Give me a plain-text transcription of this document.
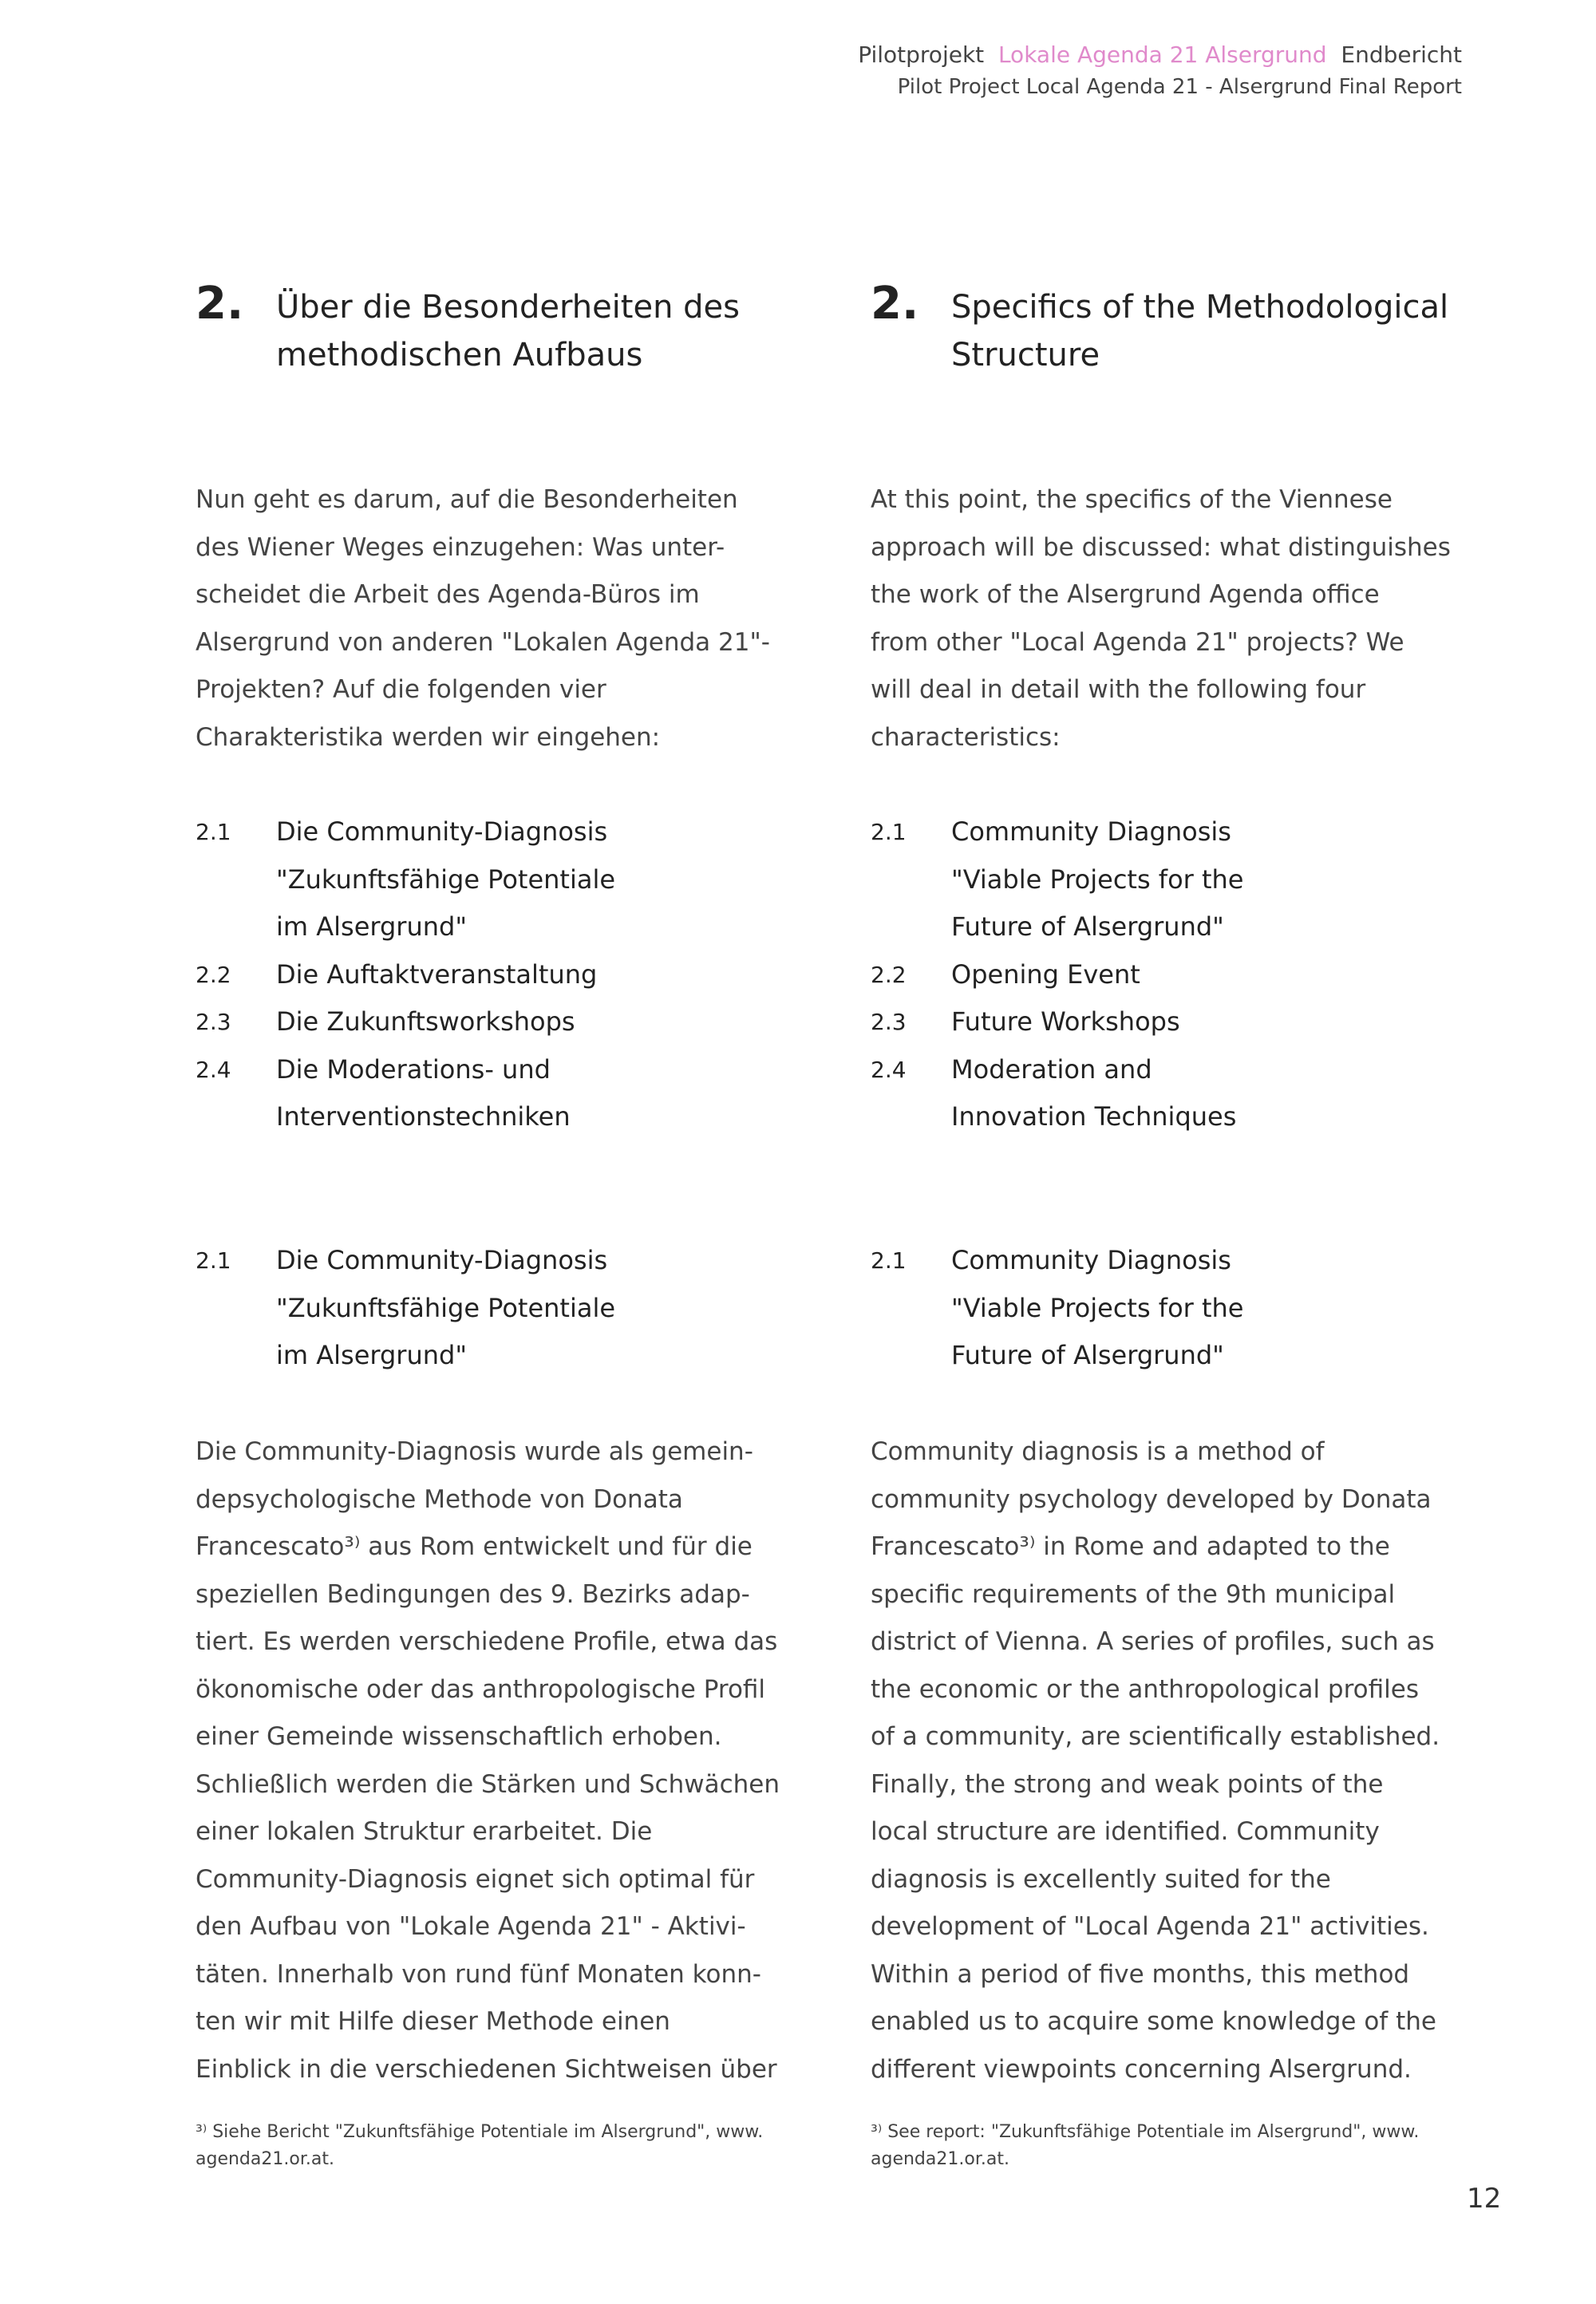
Pilotprojekt Lokale Agenda 21 Alsergrund Endbericht
Pilot Project Local Agenda 21 - Alsergrund Final Report
2. Über die Besonderheiten des
methodischen Aufbaus
Nun geht es darum, auf die Besonderheiten
des Wiener Weges einzugehen: Was unter-
scheidet die Arbeit des Agenda-Büros im
Alsergrund von anderen "Lokalen Agenda 21"-
Projekten? Auf die folgenden vier
Charakteristika werden wir eingehen:
2.1 Die Community-Diagnosis
"Zukunftsfähige Potentiale
im Alsergrund"
2.2 Die Auftaktveranstaltung
2.3 Die Zukunftsworkshops
2.4 Die Moderations- und
Interventionstechniken
2.1 Die Community-Diagnosis
"Zukunftsfähige Potentiale
im Alsergrund"
Die Community-Diagnosis wurde als gemein-
depsychologische Methode von Donata
Francescato³⁾ aus Rom entwickelt und für die
speziellen Bedingungen des 9. Bezirks adap-
tiert. Es werden verschiedene Profile, etwa das
ökonomische oder das anthropologische Profil
einer Gemeinde wissenschaftlich erhoben.
Schließlich werden die Stärken und Schwächen
einer lokalen Struktur erarbeitet. Die
Community-Diagnosis eignet sich optimal für
den Aufbau von "Lokale Agenda 21" - Aktivi-
täten. Innerhalb von rund fünf Monaten konn-
ten wir mit Hilfe dieser Methode einen
Einblick in die verschiedenen Sichtweisen über
³⁾ Siehe Bericht "Zukunftsfähige Potentiale im Alsergrund", www.
agenda21.or.at.
2. Specifics of the Methodological
Structure
At this point, the specifics of the Viennese
approach will be discussed: what distinguishes
the work of the Alsergrund Agenda office
from other "Local Agenda 21" projects? We
will deal in detail with the following four
characteristics:
2.1 Community Diagnosis
"Viable Projects for the
Future of Alsergrund"
2.2 Opening Event
2.3 Future Workshops
2.4 Moderation and
Innovation Techniques
2.1 Community Diagnosis
"Viable Projects for the
Future of Alsergrund"
Community diagnosis is a method of
community psychology developed by Donata
Francescato³⁾ in Rome and adapted to the
specific requirements of the 9th municipal
district of Vienna. A series of profiles, such as
the economic or the anthropological profiles
of a community, are scientifically established.
Finally, the strong and weak points of the
local structure are identified. Community
diagnosis is excellently suited for the
development of "Local Agenda 21" activities.
Within a period of five months, this method
enabled us to acquire some knowledge of the
different viewpoints concerning Alsergrund.
³⁾ See report: "Zukunftsfähige Potentiale im Alsergrund", www.
agenda21.or.at.
12
